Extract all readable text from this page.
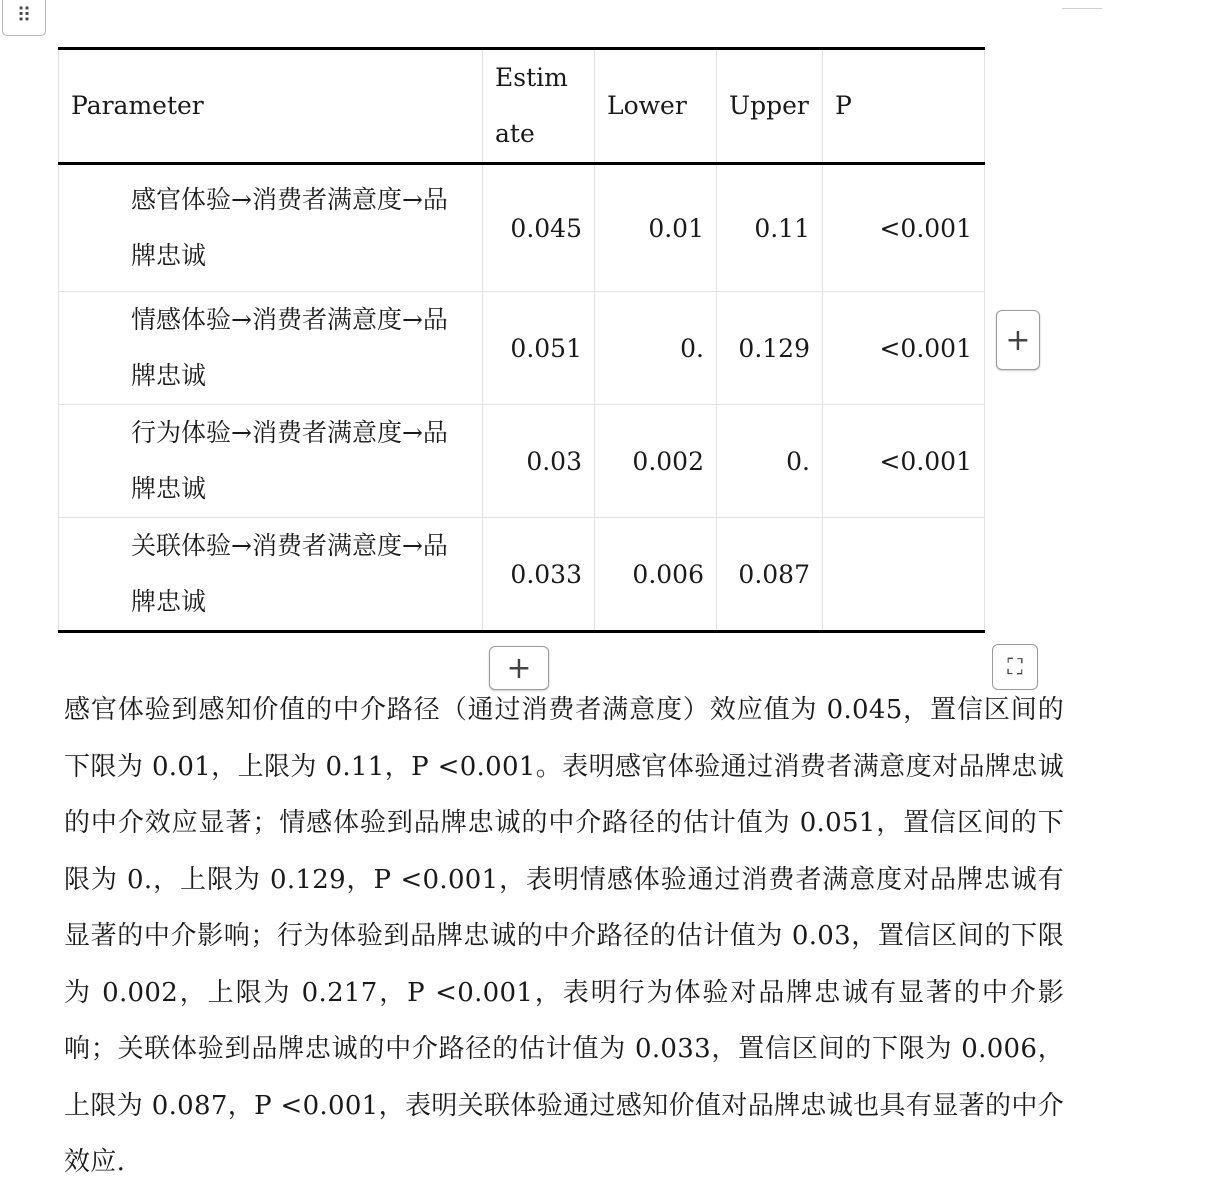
⠿
Parameter	Estimate	Lower	Upper	P
感官体验→消费者满意度→品牌忠诚	0.045	0.01	0.11	<0.001
情感体验→消费者满意度→品牌忠诚	0.051	0.	0.129	<0.001
行为体验→消费者满意度→品牌忠诚	0.03	0.002	0.	<0.001
关联体验→消费者满意度→品牌忠诚	0.033	0.006	0.087	
+
+	⛶

感官体验到感知价值的中介路径（通过消费者满意度）效应值为 0.045，置信区间的下限为 0.01，上限为 0.11，P <0.001。表明感官体验通过消费者满意度对品牌忠诚的中介效应显著；情感体验到品牌忠诚的中介路径的估计值为 0.051，置信区间的下限为 0.，上限为 0.129，P <0.001，表明情感体验通过消费者满意度对品牌忠诚有显著的中介影响；行为体验到品牌忠诚的中介路径的估计值为 0.03，置信区间的下限为 0.002，上限为 0.217，P <0.001，表明行为体验对品牌忠诚有显著的中介影响；关联体验到品牌忠诚的中介路径的估计值为 0.033，置信区间的下限为 0.006，上限为 0.087，P <0.001，表明关联体验通过感知价值对品牌忠诚也具有显著的中介效应.
